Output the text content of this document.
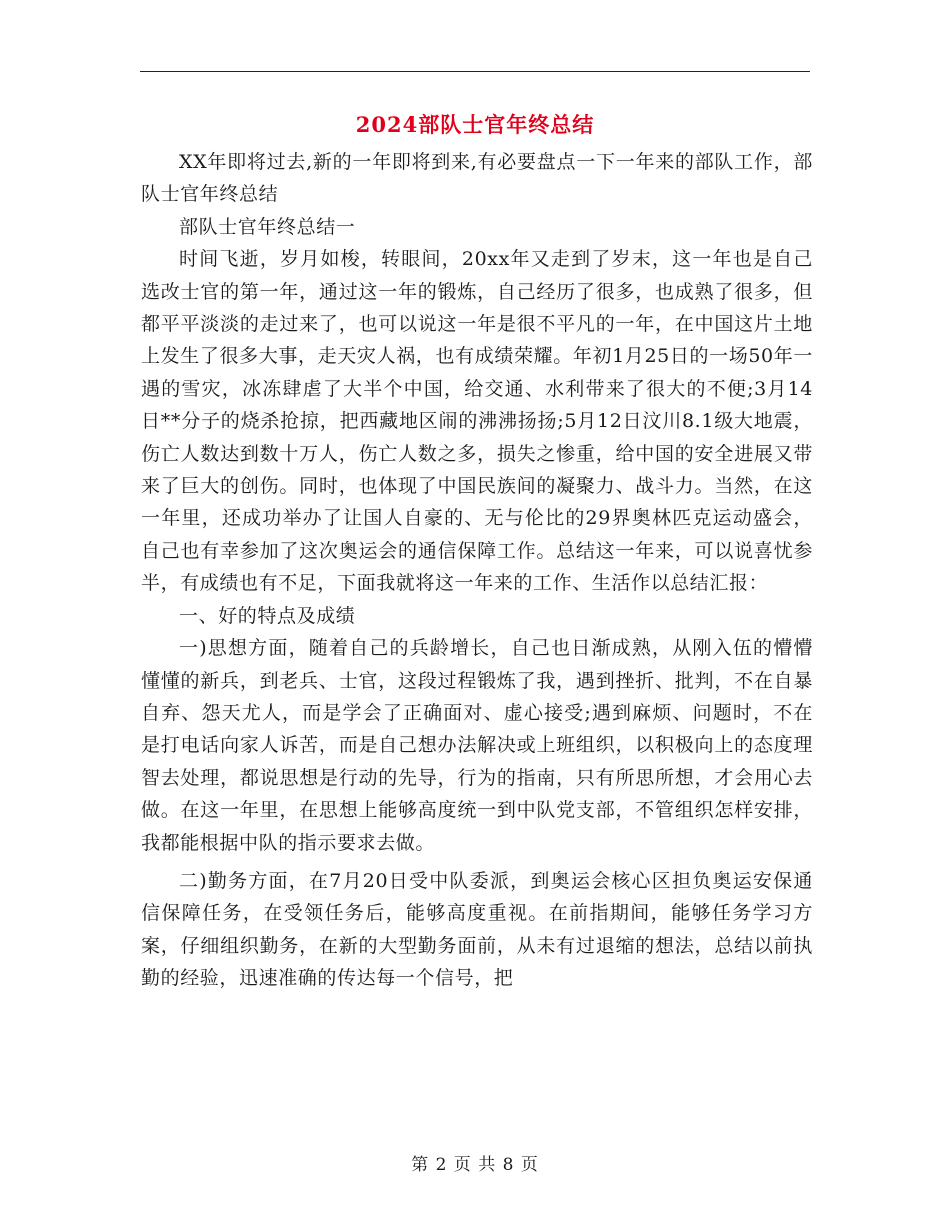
2024部队士官年终总结

XX年即将过去,新的一年即将到来,有必要盘点一下一年来的部队工作，部队士官年终总结

部队士官年终总结一

时间飞逝，岁月如梭，转眼间，20xx年又走到了岁末，这一年也是自己选改士官的第一年，通过这一年的锻炼，自己经历了很多，也成熟了很多，但都平平淡淡的走过来了，也可以说这一年是很不平凡的一年，在中国这片土地上发生了很多大事，走天灾人祸，也有成绩荣耀。年初1月25日的一场50年一遇的雪灾，冰冻肆虐了大半个中国，给交通、水利带来了很大的不便;3月14日**分子的烧杀抢掠，把西藏地区闹的沸沸扬扬;5月12日汶川8.1级大地震，伤亡人数达到数十万人，伤亡人数之多，损失之惨重，给中国的安全进展又带来了巨大的创伤。同时，也体现了中国民族间的凝聚力、战斗力。当然，在这一年里，还成功举办了让国人自豪的、无与伦比的29界奥林匹克运动盛会，自己也有幸参加了这次奥运会的通信保障工作。总结这一年来，可以说喜忧参半，有成绩也有不足，下面我就将这一年来的工作、生活作以总结汇报：

一、好的特点及成绩

一)思想方面，随着自己的兵龄增长，自己也日渐成熟，从刚入伍的懵懵懂懂的新兵，到老兵、士官，这段过程锻炼了我，遇到挫折、批判，不在自暴自弃、怨天尤人，而是学会了正确面对、虚心接受;遇到麻烦、问题时，不在是打电话向家人诉苦，而是自己想办法解决或上班组织，以积极向上的态度理智去处理，都说思想是行动的先导，行为的指南，只有所思所想，才会用心去做。在这一年里，在思想上能够高度统一到中队党支部，不管组织怎样安排，我都能根据中队的指示要求去做。

二)勤务方面，在7月20日受中队委派，到奥运会核心区担负奥运安保通信保障任务，在受领任务后，能够高度重视。在前指期间，能够任务学习方案，仔细组织勤务，在新的大型勤务面前，从未有过退缩的想法，总结以前执勤的经验，迅速准确的传达每一个信号，把

第 2 页 共 8 页
